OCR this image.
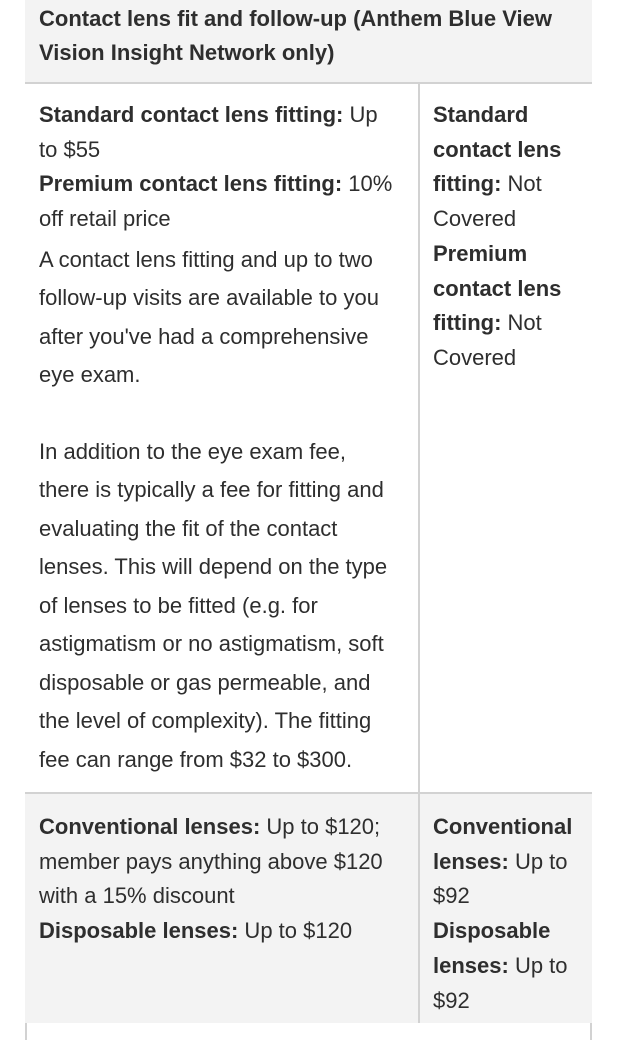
Contact lens fit and follow-up (Anthem Blue View
Vision Insight Network only)
Standard contact lens fitting: Up
to $55
Premium contact lens fitting: 10%
off retail price
A contact lens fitting and up to two
follow-up visits are available to you
after you've had a comprehensive
eye exam.
In addition to the eye exam fee,
there is typically a fee for fitting and
evaluating the fit of the contact
lenses. This will depend on the type
of lenses to be fitted (e.g. for
astigmatism or no astigmatism, soft
disposable or gas permeable, and
the level of complexity). The fitting
fee can range from $32 to $300.
Standard
contact lens
fitting: Not
Covered
Premium
contact lens
fitting: Not
Covered
Conventional lenses: Up to $120;
member pays anything above $120
with a 15% discount
Disposable lenses: Up to $120
Conventional
lenses: Up to
$92
Disposable
lenses: Up to
$92
